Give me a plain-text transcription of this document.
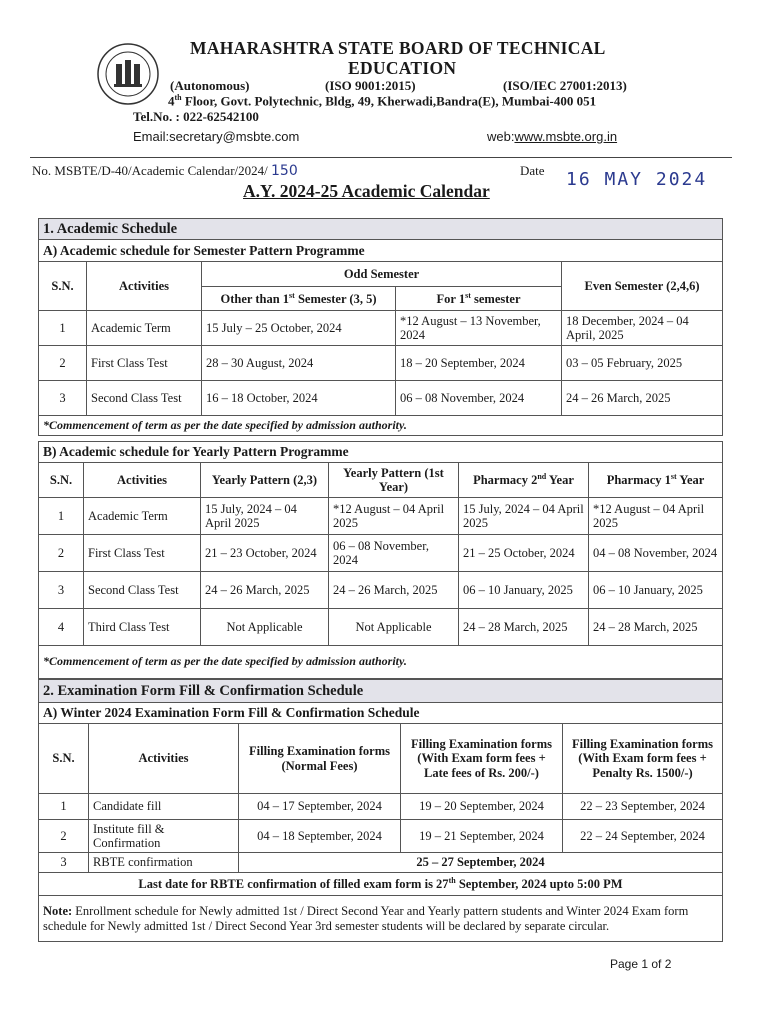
MAHARASHTRA STATE BOARD OF TECHNICAL
EDUCATION
(Autonomous)	(ISO 9001:2015)	(ISO/IEC 27001:2013)
4th Floor, Govt. Polytechnic, Bldg, 49, Kherwadi,Bandra(E), Mumbai-400 051
Tel.No. : 022-62542100
Email:secretary@msbte.com	web:www.msbte.org.in
No. MSBTE/D-40/Academic Calendar/2024/ 150	Date 16 MAY 2024
A.Y. 2024-25 Academic Calendar
1. Academic Schedule				
A) Academic schedule for Semester Pattern Programme				
S.N.	Activities	Odd Semester		Even Semester (2,4,6)
		Other than 1st Semester (3, 5)	For 1st semester	
1	Academic Term	15 July – 25 October, 2024	*12 August – 13 November, 2024	18 December, 2024 – 04 April, 2025
2	First Class Test	28 – 30 August, 2024	18 – 20 September, 2024	03 – 05 February, 2025
3	Second Class Test	16 – 18 October, 2024	06 – 08 November, 2024	24 – 26 March, 2025
*Commencement of term as per the date specified by admission authority.				
B) Academic schedule for Yearly Pattern Programme					
S.N.	Activities	Yearly Pattern (2,3)	Yearly Pattern (1st Year)	Pharmacy 2nd Year	Pharmacy 1st Year
1	Academic Term	15 July, 2024 – 04 April 2025	*12 August – 04 April 2025	15 July, 2024 – 04 April 2025	*12 August – 04 April 2025
2	First Class Test	21 – 23 October, 2024	06 – 08 November, 2024	21 – 25 October, 2024	04 – 08 November, 2024
3	Second Class Test	24 – 26 March, 2025	24 – 26 March, 2025	06 – 10 January, 2025	06 – 10 January, 2025
4	Third Class Test	Not Applicable	Not Applicable	24 – 28 March, 2025	24 – 28 March, 2025
*Commencement of term as per the date specified by admission authority.					
2. Examination Form Fill & Confirmation Schedule				
A) Winter 2024 Examination Form Fill & Confirmation Schedule				
S.N.	Activities	Filling Examination forms (Normal Fees)	Filling Examination forms (With Exam form fees + Late fees of Rs. 200/-)	Filling Examination forms (With Exam form fees + Penalty Rs. 1500/-)
1	Candidate fill	04 – 17 September, 2024	19 – 20 September, 2024	22 – 23 September, 2024
2	Institute fill & Confirmation	04 – 18 September, 2024	19 – 21 September, 2024	22 – 24 September, 2024
3	RBTE confirmation	25 – 27 September, 2024		
Last date for RBTE confirmation of filled exam form is 27th September, 2024 upto 5:00 PM				
Note: Enrollment schedule for Newly admitted 1st / Direct Second Year and Yearly pattern students and Winter 2024 Exam form schedule for Newly admitted 1st / Direct Second Year 3rd semester students will be declared by separate circular.				
Page 1 of 2
